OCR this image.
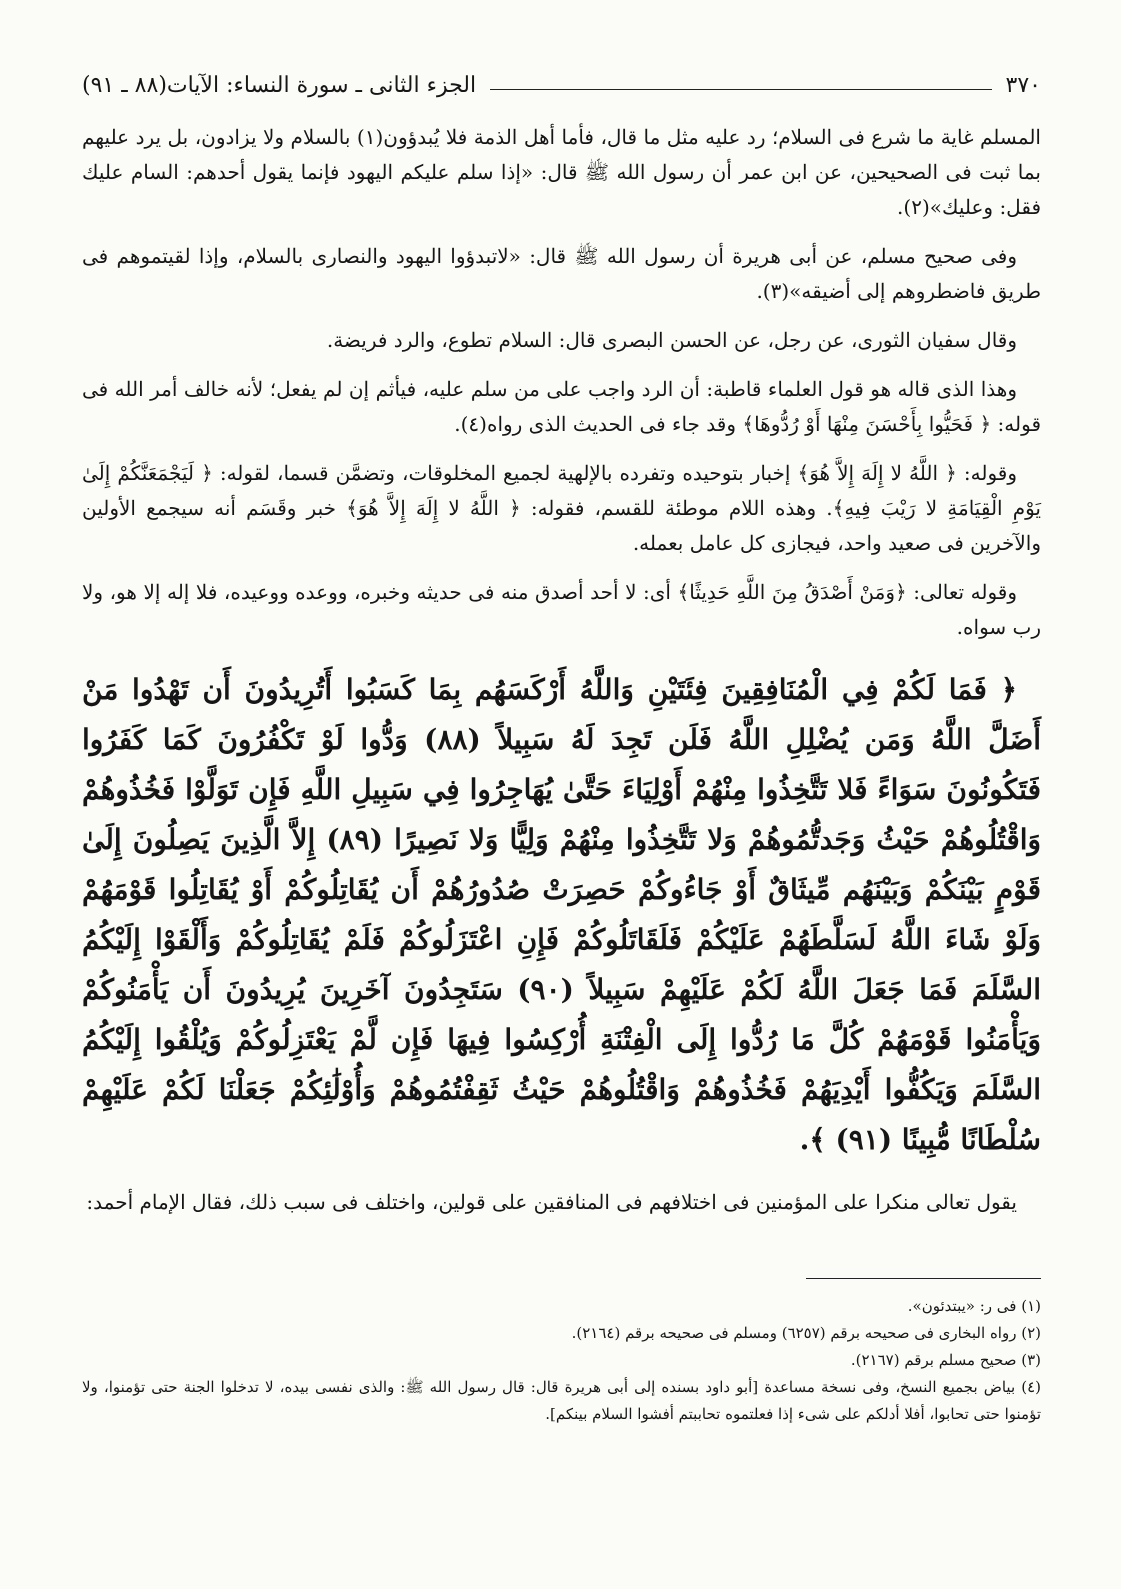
٣٧٠
الجزء الثانى ـ سورة النساء: الآيات(٨٨ ـ ٩١)

المسلم غاية ما شرع فى السلام؛ رد عليه مثل ما قال، فأما أهل الذمة فلا يُبدؤون(١) بالسلام ولا يزادون، بل يرد عليهم بما ثبت فى الصحيحين، عن ابن عمر أن رسول الله ﷺ قال: «إذا سلم عليكم اليهود فإنما يقول أحدهم: السام عليك فقل: وعليك»(٢).

وفى صحيح مسلم، عن أبى هريرة أن رسول الله ﷺ قال: «لاتبدؤوا اليهود والنصارى بالسلام، وإذا لقيتموهم فى طريق فاضطروهم إلى أضيقه»(٣).

وقال سفيان الثورى، عن رجل، عن الحسن البصرى قال: السلام تطوع، والرد فريضة.

وهذا الذى قاله هو قول العلماء قاطبة: أن الرد واجب على من سلم عليه، فيأثم إن لم يفعل؛ لأنه خالف أمر الله فى قوله: ﴿ فَحَيُّوا بِأَحْسَنَ مِنْهَا أَوْ رُدُّوهَا﴾ وقد جاء فى الحديث الذى رواه(٤).

وقوله: ﴿ اللَّهُ لا إِلَهَ إِلاَّ هُوَ﴾ إخبار بتوحيده وتفرده بالإلهية لجميع المخلوقات، وتضمَّن قسما، لقوله: ﴿ لَيَجْمَعَنَّكُمْ إِلَىٰ يَوْمِ الْقِيَامَةِ لا رَيْبَ فِيهِ﴾. وهذه اللام موطئة للقسم، فقوله: ﴿ اللَّهُ لا إِلَهَ إِلاَّ هُوَ﴾ خبر وقَسَم أنه سيجمع الأولين والآخرين فى صعيد واحد، فيجازى كل عامل بعمله.

وقوله تعالى: ﴿وَمَنْ أَصْدَقُ مِنَ اللَّهِ حَدِيثًا﴾ أى: لا أحد أصدق منه فى حديثه وخبره، ووعده ووعيده، فلا إله إلا هو، ولا رب سواه.

﴿ فَمَا لَكُمْ فِي الْمُنَافِقِينَ فِئَتَيْنِ وَاللَّهُ أَرْكَسَهُم بِمَا كَسَبُوا أَتُرِيدُونَ أَن تَهْدُوا مَنْ أَضَلَّ اللَّهُ وَمَن يُضْلِلِ اللَّهُ فَلَن تَجِدَ لَهُ سَبِيلاً (٨٨) وَدُّوا لَوْ تَكْفُرُونَ كَمَا كَفَرُوا فَتَكُونُونَ سَوَاءً فَلا تَتَّخِذُوا مِنْهُمْ أَوْلِيَاءَ حَتَّىٰ يُهَاجِرُوا فِي سَبِيلِ اللَّهِ فَإِن تَوَلَّوْا فَخُذُوهُمْ وَاقْتُلُوهُمْ حَيْثُ وَجَدتُّمُوهُمْ وَلا تَتَّخِذُوا مِنْهُمْ وَلِيًّا وَلا نَصِيرًا (٨٩) إِلاَّ الَّذِينَ يَصِلُونَ إِلَىٰ قَوْمٍ بَيْنَكُمْ وَبَيْنَهُم مِّيثَاقٌ أَوْ جَاءُوكُمْ حَصِرَتْ صُدُورُهُمْ أَن يُقَاتِلُوكُمْ أَوْ يُقَاتِلُوا قَوْمَهُمْ وَلَوْ شَاءَ اللَّهُ لَسَلَّطَهُمْ عَلَيْكُمْ فَلَقَاتَلُوكُمْ فَإِنِ اعْتَزَلُوكُمْ فَلَمْ يُقَاتِلُوكُمْ وَأَلْقَوْا إِلَيْكُمُ السَّلَمَ فَمَا جَعَلَ اللَّهُ لَكُمْ عَلَيْهِمْ سَبِيلاً (٩٠) سَتَجِدُونَ آخَرِينَ يُرِيدُونَ أَن يَأْمَنُوكُمْ وَيَأْمَنُوا قَوْمَهُمْ كُلَّ مَا رُدُّوا إِلَى الْفِتْنَةِ أُرْكِسُوا فِيهَا فَإِن لَّمْ يَعْتَزِلُوكُمْ وَيُلْقُوا إِلَيْكُمُ السَّلَمَ وَيَكُفُّوا أَيْدِيَهُمْ فَخُذُوهُمْ وَاقْتُلُوهُمْ حَيْثُ ثَقِفْتُمُوهُمْ وَأُوْلَٰئِكُمْ جَعَلْنَا لَكُمْ عَلَيْهِمْ سُلْطَانًا مُّبِينًا (٩١) ﴾.

يقول تعالى منكرا على المؤمنين فى اختلافهم فى المنافقين على قولين، واختلف فى سبب ذلك، فقال الإمام أحمد:

(١) فى ر: «يبتدئون».

(٢) رواه البخارى فى صحيحه برقم (٦٢٥٧) ومسلم فى صحيحه برقم (٢١٦٤).

(٣) صحيح مسلم برقم (٢١٦٧).

(٤) بياض بجميع النسخ، وفى نسخة مساعدة [أبو داود بسنده إلى أبى هريرة قال: قال رسول الله ﷺ: والذى نفسى بيده، لا تدخلوا الجنة حتى تؤمنوا، ولا تؤمنوا حتى تحابوا، أفلا أدلكم على شىء إذا فعلتموه تحاببتم أفشوا السلام بينكم].
